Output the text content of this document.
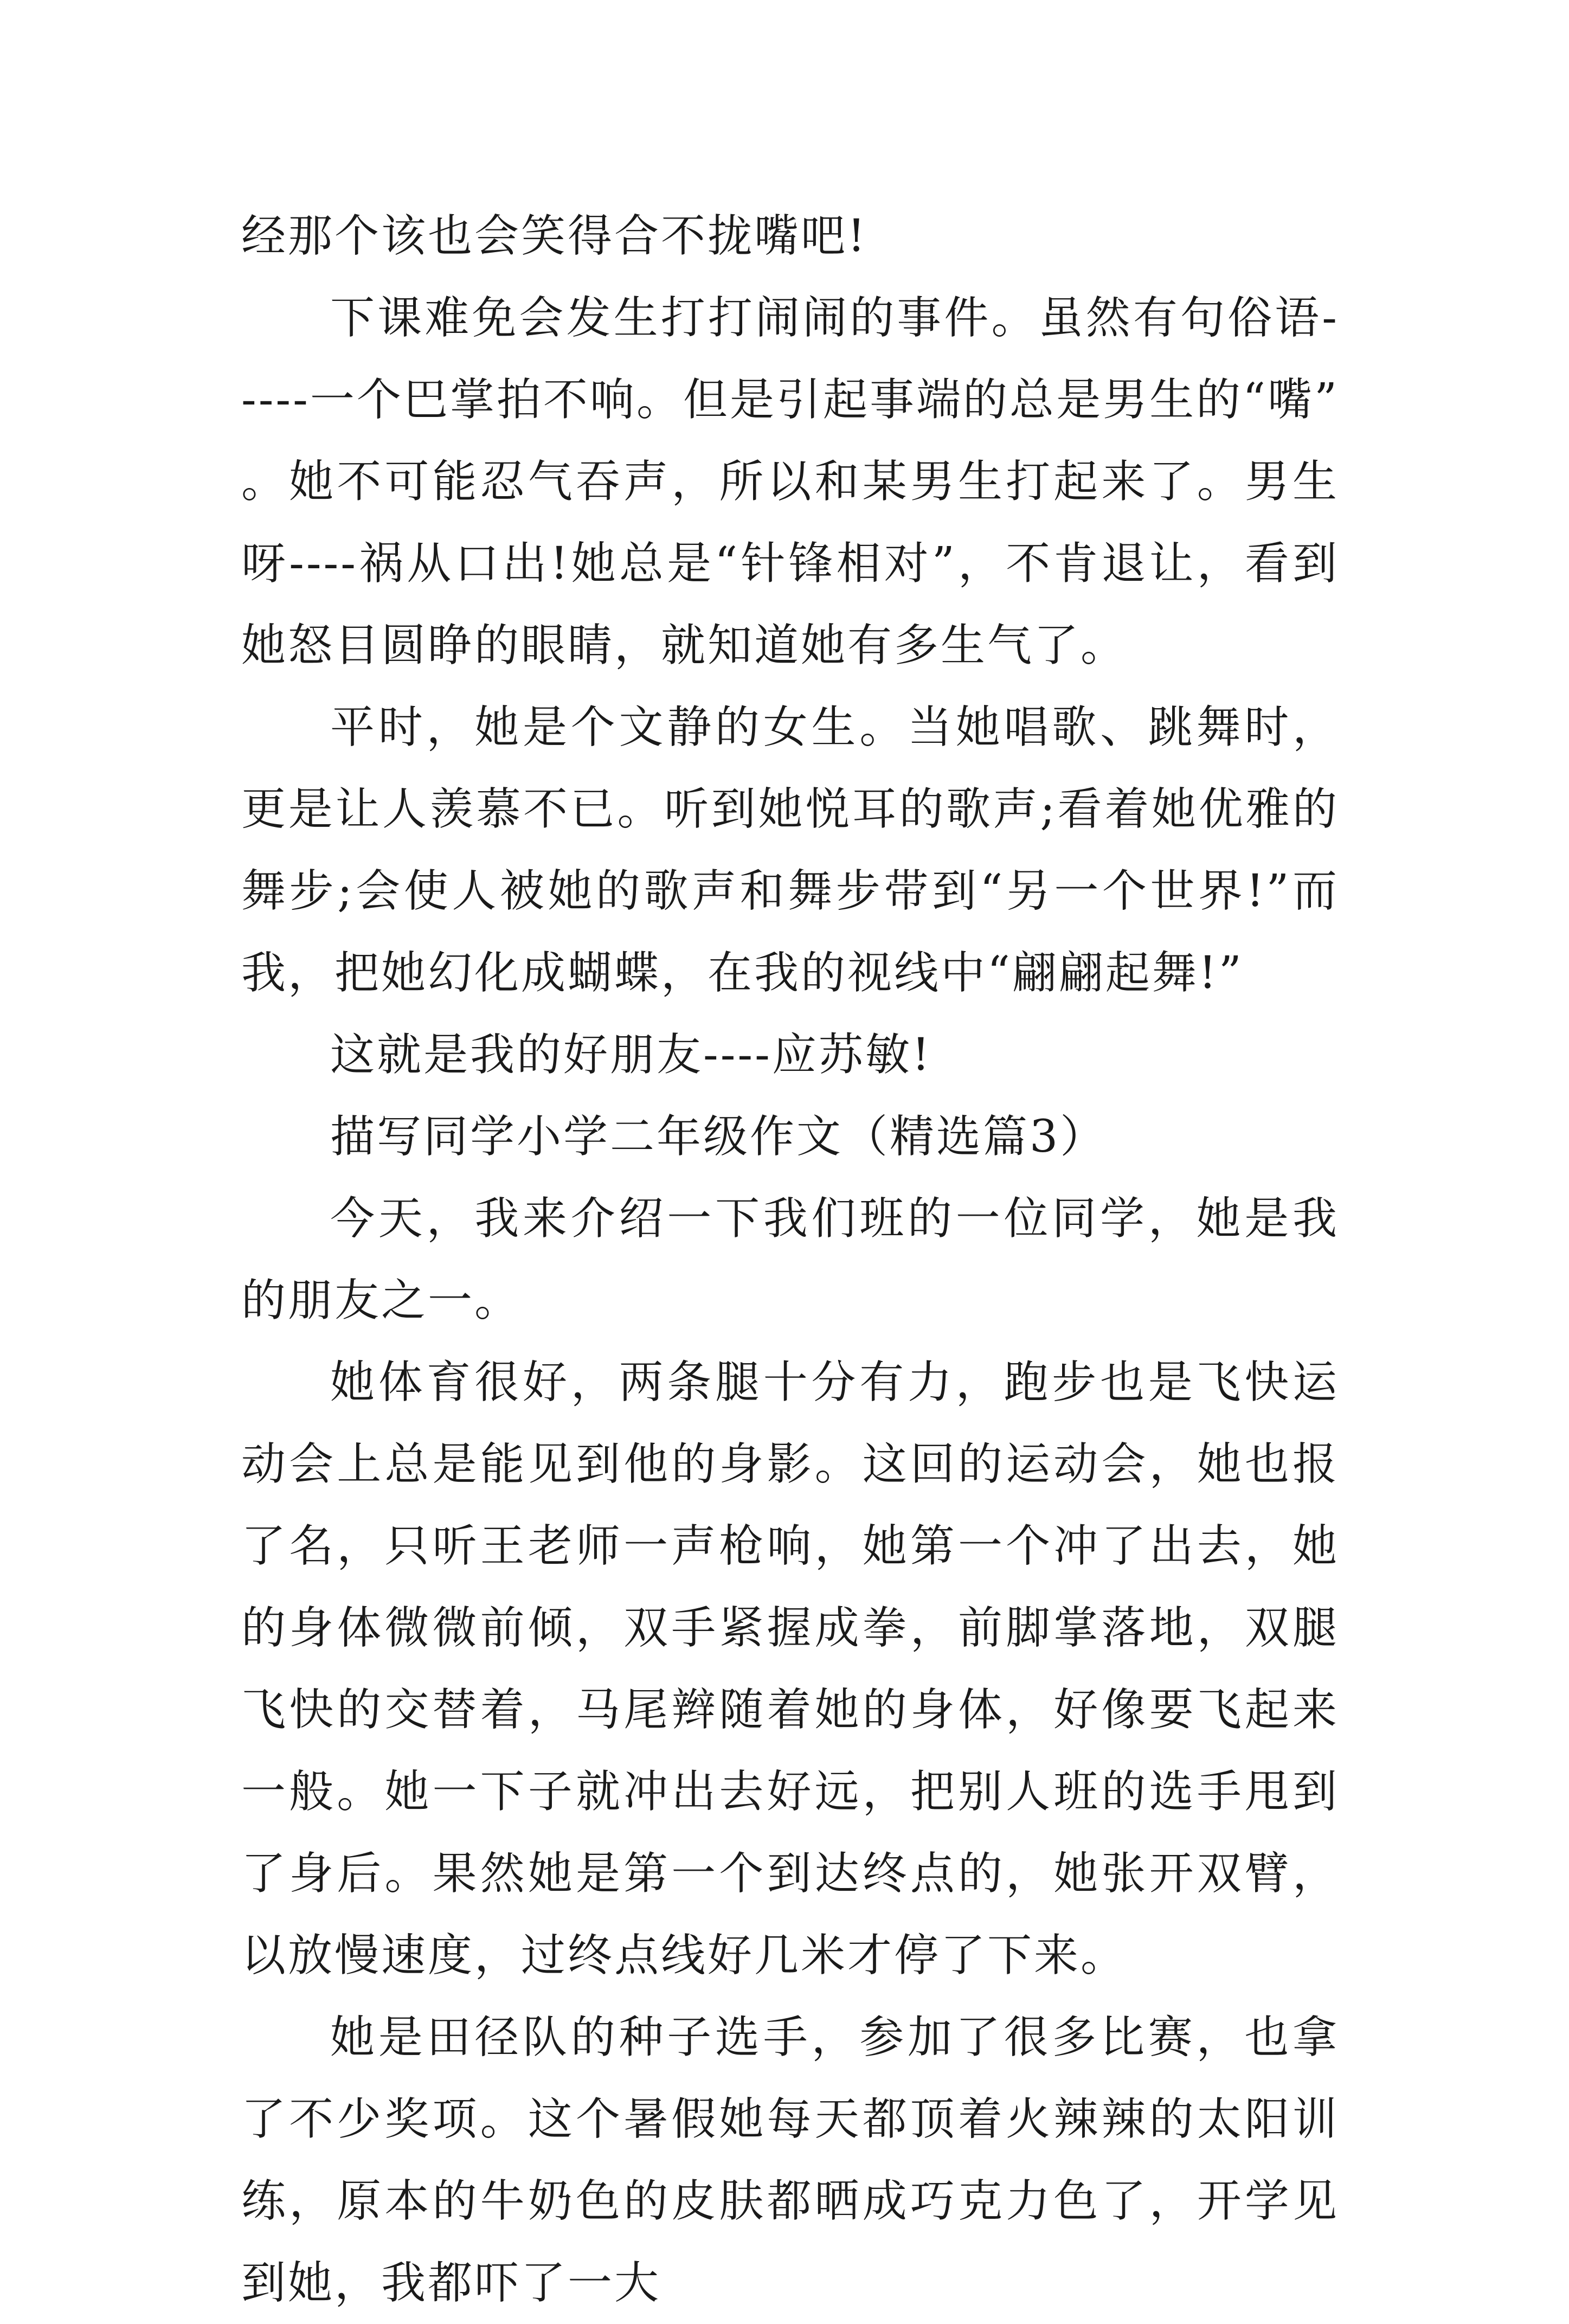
经那个该也会笑得合不拢嘴吧!

下课难免会发生打打闹闹的事件。虽然有句俗语-----一个巴掌拍不响。但是引起事端的总是男生的“嘴”。她不可能忍气吞声，所以和某男生打起来了。男生呀----祸从口出!她总是“针锋相对”，不肯退让，看到她怒目圆睁的眼睛，就知道她有多生气了。

平时，她是个文静的女生。当她唱歌、跳舞时，更是让人羡慕不已。听到她悦耳的歌声;看着她优雅的舞步;会使人被她的歌声和舞步带到“另一个世界!”而我，把她幻化成蝴蝶，在我的视线中“翩翩起舞!”

这就是我的好朋友----应苏敏!

描写同学小学二年级作文（精选篇3）

今天，我来介绍一下我们班的一位同学，她是我的朋友之一。

她体育很好，两条腿十分有力，跑步也是飞快运动会上总是能见到他的身影。这回的运动会，她也报了名，只听王老师一声枪响，她第一个冲了出去，她的身体微微前倾，双手紧握成拳，前脚掌落地，双腿飞快的交替着，马尾辫随着她的身体，好像要飞起来一般。她一下子就冲出去好远，把别人班的选手甩到了身后。果然她是第一个到达终点的，她张开双臂，以放慢速度，过终点线好几米才停了下来。

她是田径队的种子选手，参加了很多比赛，也拿了不少奖项。这个暑假她每天都顶着火辣辣的太阳训练，原本的牛奶色的皮肤都晒成巧克力色了，开学见到她，我都吓了一大
